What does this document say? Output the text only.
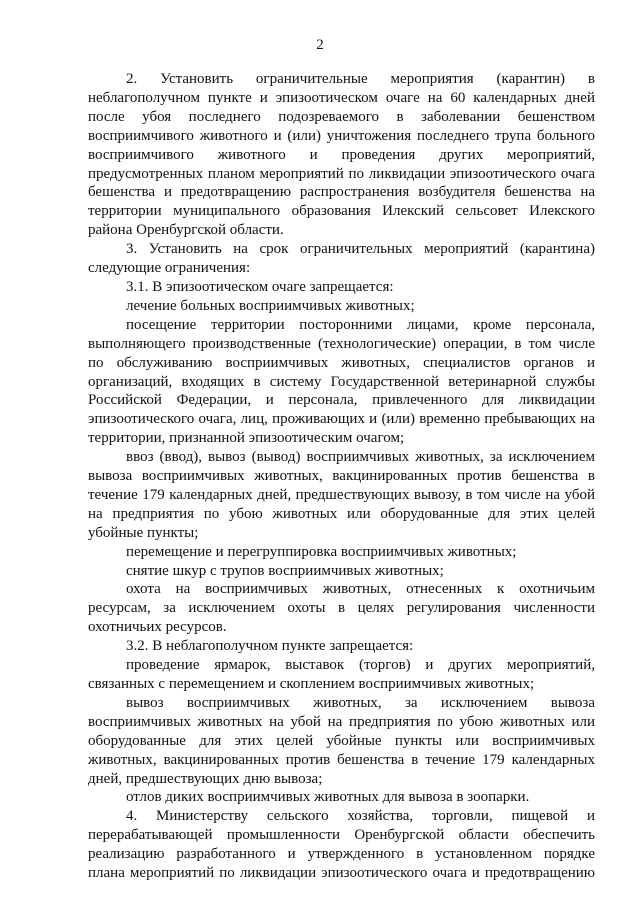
2
2. Установить ограничительные мероприятия (карантин) в
неблагополучном пункте и эпизоотическом очаге на 60 календарных дней
после убоя последнего подозреваемого в заболевании бешенством
восприимчивого животного и (или) уничтожения последнего трупа больного
восприимчивого животного и проведения других мероприятий,
предусмотренных планом мероприятий по ликвидации эпизоотического очага
бешенства и предотвращению распространения возбудителя бешенства на
территории муниципального образования Илекский сельсовет Илекского
района Оренбургской области.
3. Установить на срок ограничительных мероприятий (карантина)
следующие ограничения:
3.1. В эпизоотическом очаге запрещается:
лечение больных восприимчивых животных;
посещение территории посторонними лицами, кроме персонала,
выполняющего производственные (технологические) операции, в том числе
по обслуживанию восприимчивых животных, специалистов органов и
организаций, входящих в систему Государственной ветеринарной службы
Российской Федерации, и персонала, привлеченного для ликвидации
эпизоотического очага, лиц, проживающих и (или) временно пребывающих на
территории, признанной эпизоотическим очагом;
ввоз (ввод), вывоз (вывод) восприимчивых животных, за исключением
вывоза восприимчивых животных, вакцинированных против бешенства в
течение 179 календарных дней, предшествующих вывозу, в том числе на убой
на предприятия по убою животных или оборудованные для этих целей
убойные пункты;
перемещение и перегруппировка восприимчивых животных;
снятие шкур с трупов восприимчивых животных;
охота на восприимчивых животных, отнесенных к охотничьим
ресурсам, за исключением охоты в целях регулирования численности
охотничьих ресурсов.
3.2. В неблагополучном пункте запрещается:
проведение ярмарок, выставок (торгов) и других мероприятий,
связанных с перемещением и скоплением восприимчивых животных;
вывоз восприимчивых животных, за исключением вывоза
восприимчивых животных на убой на предприятия по убою животных или
оборудованные для этих целей убойные пункты или восприимчивых
животных, вакцинированных против бешенства в течение 179 календарных
дней, предшествующих дню вывоза;
отлов диких восприимчивых животных для вывоза в зоопарки.
4. Министерству сельского хозяйства, торговли, пищевой и
перерабатывающей промышленности Оренбургской области обеспечить
реализацию разработанного и утвержденного в установленном порядке
плана мероприятий по ликвидации эпизоотического очага и предотвращению
